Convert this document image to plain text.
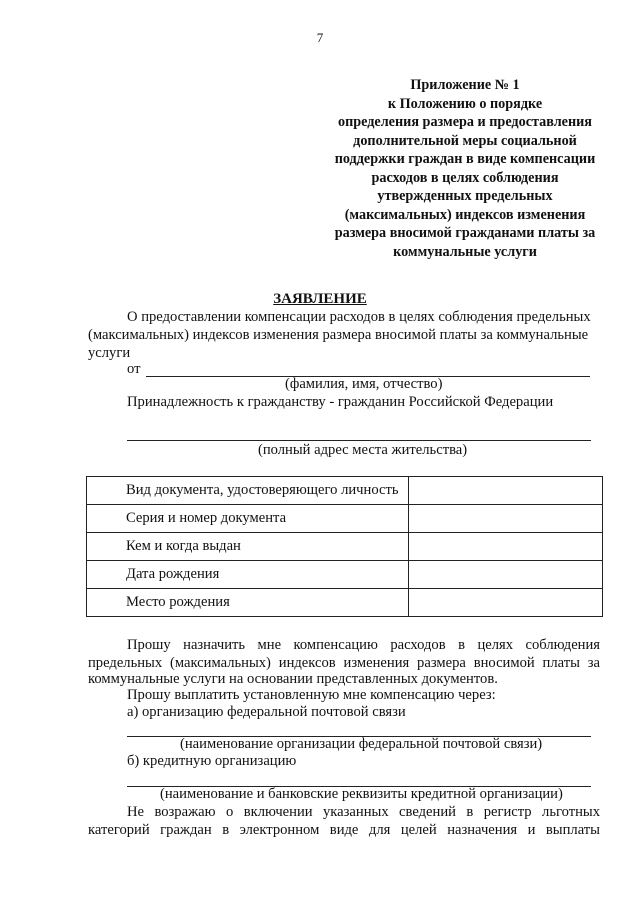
7
Приложение № 1
к Положению о порядке
определения размера и предоставления
дополнительной меры социальной
поддержки граждан в виде компенсации
расходов в целях соблюдения
утвержденных предельных
(максимальных) индексов изменения
размера вносимой гражданами платы за
коммунальные услуги
ЗАЯВЛЕНИЕ
О предоставлении компенсации расходов в целях соблюдения предельных
(максимальных) индексов изменения размера вносимой платы за коммунальные
услуги
от
(фамилия, имя, отчество)
Принадлежность к гражданству - гражданин Российской Федерации
(полный адрес места жительства)
Вид документа, удостоверяющего личность	
Серия и номер документа	
Кем и когда выдан	
Дата рождения	
Место рождения	
Прошу назначить мне компенсацию расходов в целях соблюдения
предельных (максимальных) индексов изменения размера вносимой платы за
коммунальные услуги на основании представленных документов.
Прошу выплатить установленную мне компенсацию через:
а) организацию федеральной почтовой связи
(наименование организации федеральной почтовой связи)
б) кредитную организацию
(наименование и банковские реквизиты кредитной организации)
Не возражаю о включении указанных сведений в регистр льготных
категорий граждан в электронном виде для целей назначения и выплаты
